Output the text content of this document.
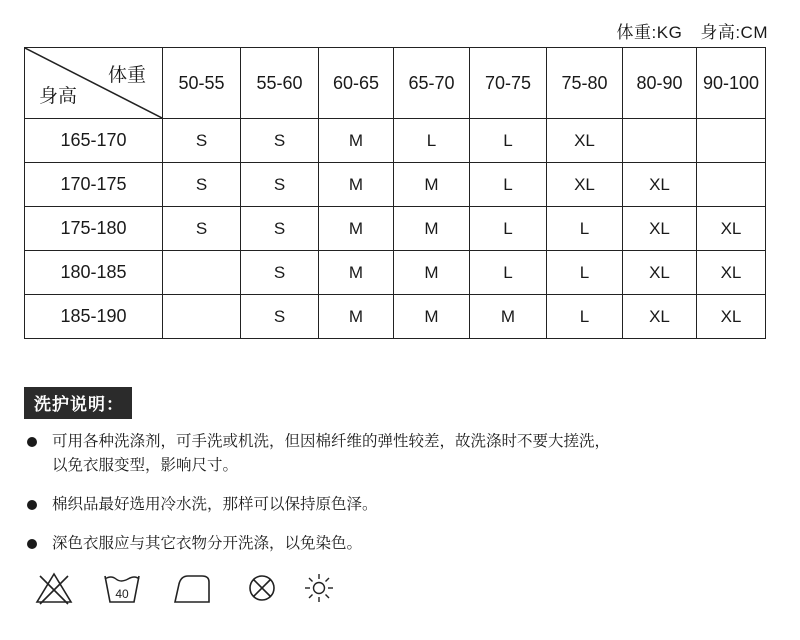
体重:KG 身高:CM
体重
身高	50-55	55-60	60-65	65-70	70-75	75-80	80-90	90-100
165-170	S	S	M	L	L	XL		
170-175	S	S	M	M	L	XL	XL	
175-180	S	S	M	M	L	L	XL	XL
180-185		S	M	M	L	L	XL	XL
185-190		S	M	M	M	L	XL	XL
洗护说明：
可用各种洗涤剂，可手洗或机洗，但因棉纤维的弹性较差，故洗涤时不要大搓洗，
以免衣服变型，影响尺寸。
棉织品最好选用冷水洗，那样可以保持原色泽。
深色衣服应与其它衣物分开洗涤，以免染色。
40
